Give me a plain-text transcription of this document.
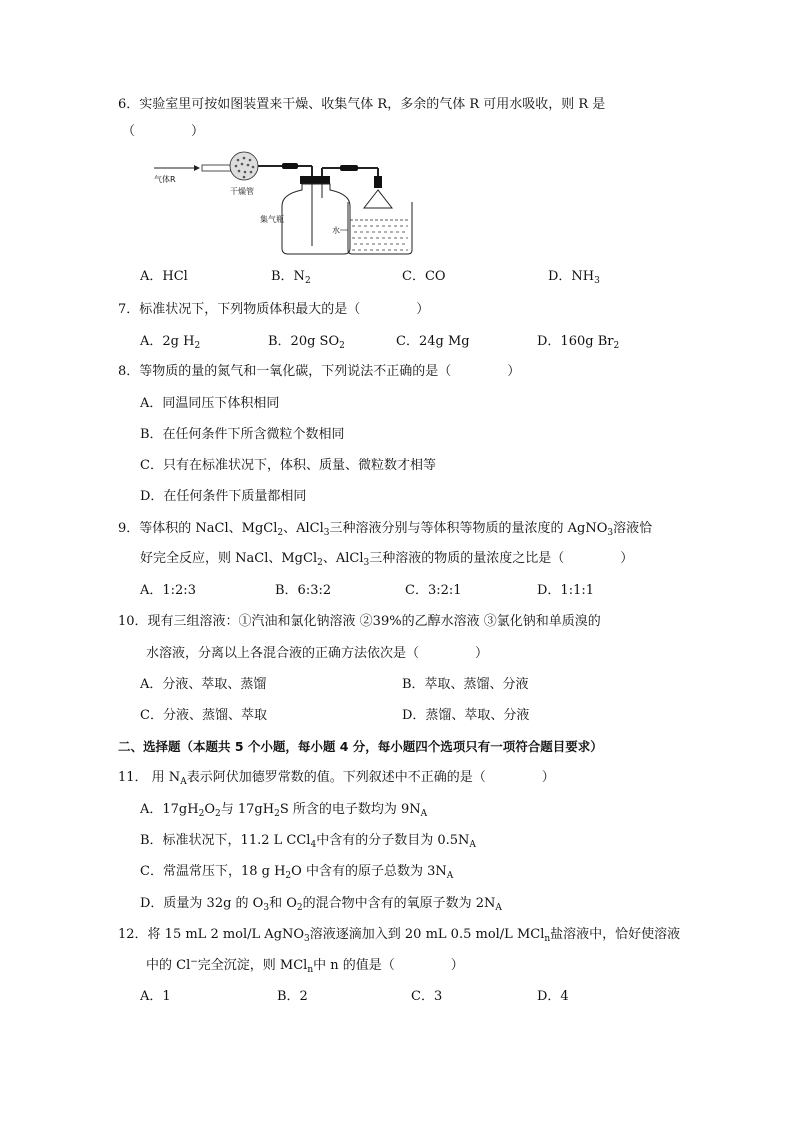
6．实验室里可按如图装置来干燥、收集气体 R，多余的气体 R 可用水吸收，则 R 是
（	）
气体R
干燥管
集气瓶
水
A．HCl	B．$N_2$	C．CO	D．$NH_3$
7．标准状况下，下列物质体积最大的是（	）
A．2g $H_2$	B．20g $SO_2$	C．24g Mg	D．160g $Br_2$
8．等物质的量的氮气和一氧化碳，下列说法不正确的是（	）
A．同温同压下体积相同
B．在任何条件下所含微粒个数相同
C．只有在标准状况下，体积、质量、微粒数才相等
D．在任何条件下质量都相同
9．等体积的 NaCl、MgCl$_2$、AlCl$_3$三种溶液分别与等体积等物质的量浓度的 AgNO$_3$溶液恰
好完全反应，则 NaCl、MgCl$_2$、AlCl$_3$三种溶液的物质的量浓度之比是（	）
A．1:2:3	B．6:3:2	C．3:2:1	D．1:1:1
10．现有三组溶液：①汽油和氯化钠溶液 ②39%的乙醇水溶液 ③氯化钠和单质溴的
水溶液，分离以上各混合液的正确方法依次是（	）
A．分液、萃取、蒸馏	B．萃取、蒸馏、分液
C．分液、蒸馏、萃取	D．蒸馏、萃取、分液
二、选择题（本题共 5 个小题，每小题 4 分，每小题四个选项只有一项符合题目要求）
11． 用 $N_A$表示阿伏加德罗常数的值。下列叙述中不正确的是（	）
A．$17gH_2O_2$与 $17gH_2S$ 所含的电子数均为 $9N_A$
B．标准状况下，11.2 L CCl$_4$中含有的分子数目为 $0.5N_A$
C．常温常压下，18 g $H_2O$ 中含有的原子总数为 $3N_A$
D．质量为 32g 的 $O_3$和 $O_2$的混合物中含有的氧原子数为 $2N_A$
12．将 15 mL 2 mol/L AgNO$_3$溶液逐滴加入到 20 mL 0.5 mol/L MCl$_n$盐溶液中，恰好使溶液
中的 Cl−完全沉淀，则 MCl$_n$中 n 的值是（	）
A．1	B．2	C．3	D．4
